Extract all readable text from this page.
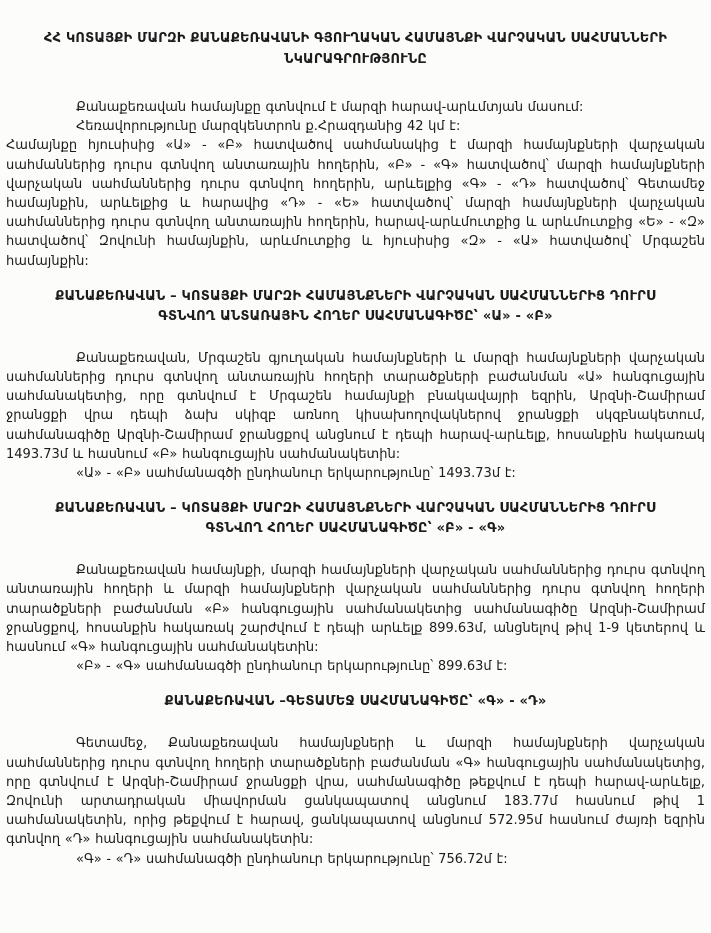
ՀՀ ԿՈՏԱՅՔԻ ՄԱՐԶԻ ՔԱՆԱՔԵՌԱՎԱՆԻ ԳՅՈՒՂԱԿԱՆ ՀԱՄԱՅՆՔԻ ՎԱՐՉԱԿԱՆ ՍԱՀՄԱՆՆԵՐԻ ՆԿԱՐԱԳՐՈՒԹՅՈՒՆԸ

Քանաքեռավան համայնքը գտնվում է մարզի հարավ-արևմտյան մասում:

Հեռավորությունը մարզկենտրոն ք.Հրազդանից 42 կմ է:

Համայնքը հյուսիսից «Ա» - «Բ» հատվածով սահմանակից է մարզի համայնքների վարչական սահմաններից դուրս գտնվող անտառային հողերին, «Բ» - «Գ» հատվածով՝ մարզի համայնքների վարչական սահմաններից դուրս գտնվող հողերին, արևելքից «Գ» - «Դ» հատվածով՝ Գետամեջ համայնքին, արևելքից և հարավից «Դ» - «Ե» հատվածով՝ մարզի համայնքների վարչական սահմաններից դուրս գտնվող անտառային հողերին, հարավ-արևմուտքից և արևմուտքից «Ե» - «Զ» հատվածով՝ Զովունի համայնքին, արևմուտքից և հյուսիսից «Զ» - «Ա» հատվածով՝ Մրգաշեն համայնքին:

ՔԱՆԱՔԵՌԱՎԱՆ – ԿՈՏԱՅՔԻ ՄԱՐԶԻ ՀԱՄԱՅՆՔՆԵՐԻ ՎԱՐՉԱԿԱՆ ՍԱՀՄԱՆՆԵՐԻՑ ԴՈՒՐՍ ԳՏՆՎՈՂ ԱՆՏԱՌԱՅԻՆ ՀՈՂԵՐ ՍԱՀՄԱՆԱԳԻԾԸ՝ «Ա» - «Բ»

Քանաքեռավան, Մրգաշեն գյուղական համայնքների և մարզի համայնքների վարչական սահմաններից դուրս գտնվող անտառային հողերի տարածքների բաժանման «Ա» հանգուցային սահմանակետից, որը գտնվում է Մրգաշեն համայնքի բնակավայրի եզրին, Արզնի-Շամիրամ ջրանցքի վրա դեպի ձախ սկիզբ առնող կիսախողովակներով ջրանցքի սկզբնակետում, սահմանագիծը Արզնի-Շամիրամ ջրանցքով անցնում է դեպի հարավ-արևելք, հոսանքին հակառակ 1493.73մ և հասնում «Բ» հանգուցային սահմանակետին:

«Ա» - «Բ» սահմանագծի ընդհանուր երկարությունը՝ 1493.73մ է:

ՔԱՆԱՔԵՌԱՎԱՆ – ԿՈՏԱՅՔԻ ՄԱՐԶԻ ՀԱՄԱՅՆՔՆԵՐԻ ՎԱՐՉԱԿԱՆ ՍԱՀՄԱՆՆԵՐԻՑ ԴՈՒՐՍ ԳՏՆՎՈՂ ՀՈՂԵՐ ՍԱՀՄԱՆԱԳԻԾԸ՝ «Բ» - «Գ»

Քանաքեռավան համայնքի, մարզի համայնքների վարչական սահմաններից դուրս գտնվող անտառային հողերի և մարզի համայնքների վարչական սահմաններից դուրս գտնվող հողերի տարածքների բաժանման «Բ» հանգուցային սահմանակետից սահմանագիծը Արզնի-Շամիրամ ջրանցքով, հոսանքին հակառակ շարժվում է դեպի արևելք 899.63մ, անցնելով թիվ 1-9 կետերով և հասնում «Գ» հանգուցային սահմանակետին:

«Բ» - «Գ» սահմանագծի ընդհանուր երկարությունը՝ 899.63մ է:

ՔԱՆԱՔԵՌԱՎԱՆ –ԳԵՏԱՄԵՋ ՍԱՀՄԱՆԱԳԻԾԸ՝ «Գ» - «Դ»

Գետամեջ, Քանաքեռավան համայնքների և մարզի համայնքների վարչական սահմաններից դուրս գտնվող հողերի տարածքների բաժանման «Գ» հանգուցային սահմանակետից, որը գտնվում է Արզնի-Շամիրամ ջրանցքի վրա, սահմանագիծը թեքվում է դեպի հարավ-արևելք, Զովունի արտադրական միավորման ցանկապատով անցնում 183.77մ հասնում թիվ 1 սահմանակետին, որից թեքվում է հարավ, ցանկապատով անցնում 572.95մ հասնում ժայռի եզրին գտնվող «Դ» հանգուցային սահմանակետին:

«Գ» - «Դ» սահմանագծի ընդհանուր երկարությունը՝ 756.72մ է:
